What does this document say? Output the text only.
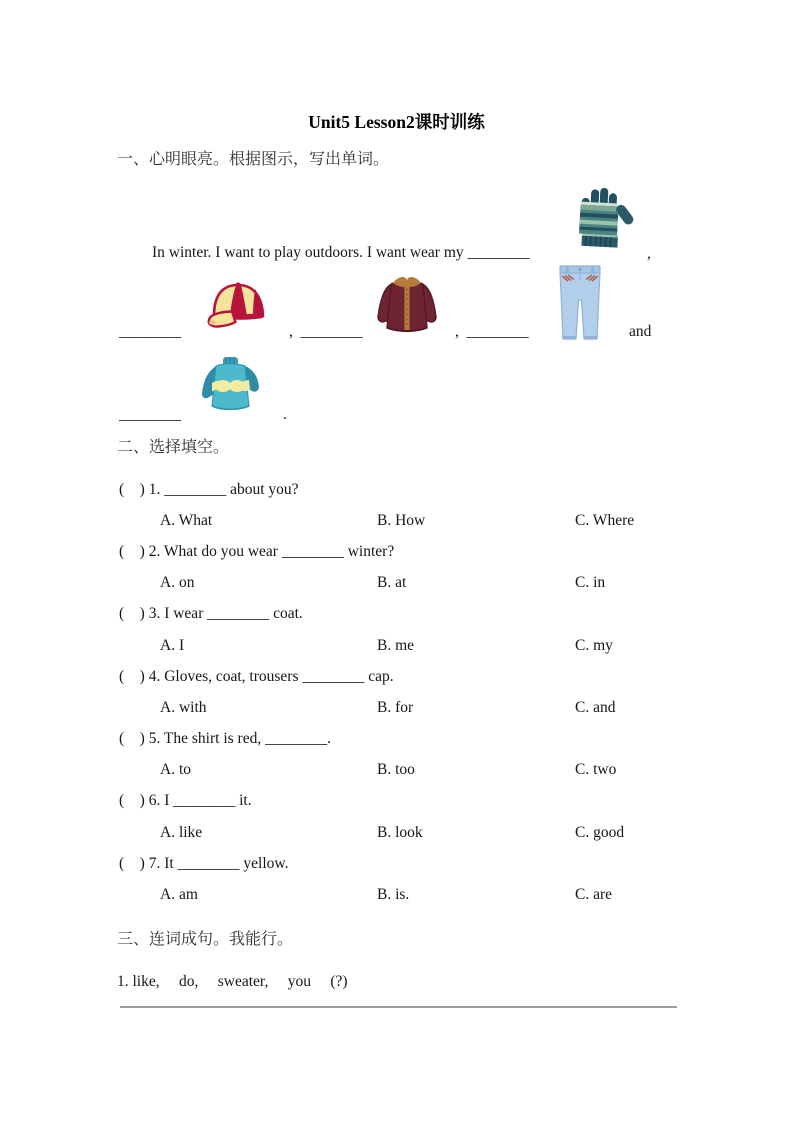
Unit5 Lesson2课时训练
一、心明眼亮。根据图示，写出单词。
In winter. I want to play outdoors. I want wear my ________	,
________	,  ________	,  ________	and
________	.
二、选择填空。
(    ) 1. ________ about you?
A. What	B. How	C. Where
(    ) 2. What do you wear ________ winter?
A. on	B. at	C. in
(    ) 3. I wear ________ coat.
A. I	B. me	C. my
(    ) 4. Gloves, coat, trousers ________ cap.
A. with	B. for	C. and
(    ) 5. The shirt is red, ________.
A. to	B. too	C. two
(    ) 6. I ________ it.
A. like	B. look	C. good
(    ) 7. It ________ yellow.
A. am	B. is.	C. are
三、连词成句。我能行。
1. like,     do,     sweater,     you     (?)
